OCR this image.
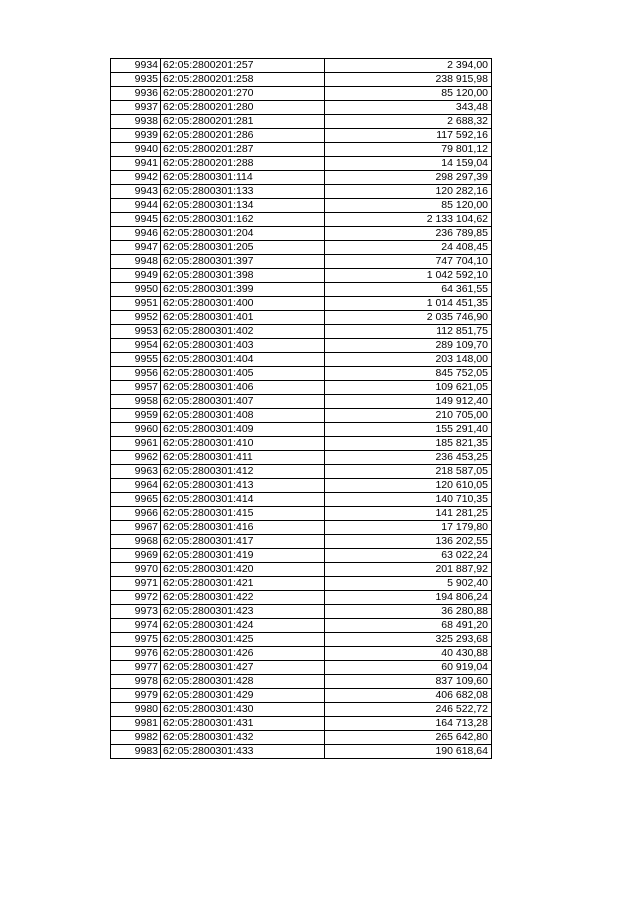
9934	62:05:2800201:257	2 394,00
9935	62:05:2800201:258	238 915,98
9936	62:05:2800201:270	85 120,00
9937	62:05:2800201:280	343,48
9938	62:05:2800201:281	2 688,32
9939	62:05:2800201:286	117 592,16
9940	62:05:2800201:287	79 801,12
9941	62:05:2800201:288	14 159,04
9942	62:05:2800301:114	298 297,39
9943	62:05:2800301:133	120 282,16
9944	62:05:2800301:134	85 120,00
9945	62:05:2800301:162	2 133 104,62
9946	62:05:2800301:204	236 789,85
9947	62:05:2800301:205	24 408,45
9948	62:05:2800301:397	747 704,10
9949	62:05:2800301:398	1 042 592,10
9950	62:05:2800301:399	64 361,55
9951	62:05:2800301:400	1 014 451,35
9952	62:05:2800301:401	2 035 746,90
9953	62:05:2800301:402	112 851,75
9954	62:05:2800301:403	289 109,70
9955	62:05:2800301:404	203 148,00
9956	62:05:2800301:405	845 752,05
9957	62:05:2800301:406	109 621,05
9958	62:05:2800301:407	149 912,40
9959	62:05:2800301:408	210 705,00
9960	62:05:2800301:409	155 291,40
9961	62:05:2800301:410	185 821,35
9962	62:05:2800301:411	236 453,25
9963	62:05:2800301:412	218 587,05
9964	62:05:2800301:413	120 610,05
9965	62:05:2800301:414	140 710,35
9966	62:05:2800301:415	141 281,25
9967	62:05:2800301:416	17 179,80
9968	62:05:2800301:417	136 202,55
9969	62:05:2800301:419	63 022,24
9970	62:05:2800301:420	201 887,92
9971	62:05:2800301:421	5 902,40
9972	62:05:2800301:422	194 806,24
9973	62:05:2800301:423	36 280,88
9974	62:05:2800301:424	68 491,20
9975	62:05:2800301:425	325 293,68
9976	62:05:2800301:426	40 430,88
9977	62:05:2800301:427	60 919,04
9978	62:05:2800301:428	837 109,60
9979	62:05:2800301:429	406 682,08
9980	62:05:2800301:430	246 522,72
9981	62:05:2800301:431	164 713,28
9982	62:05:2800301:432	265 642,80
9983	62:05:2800301:433	190 618,64
